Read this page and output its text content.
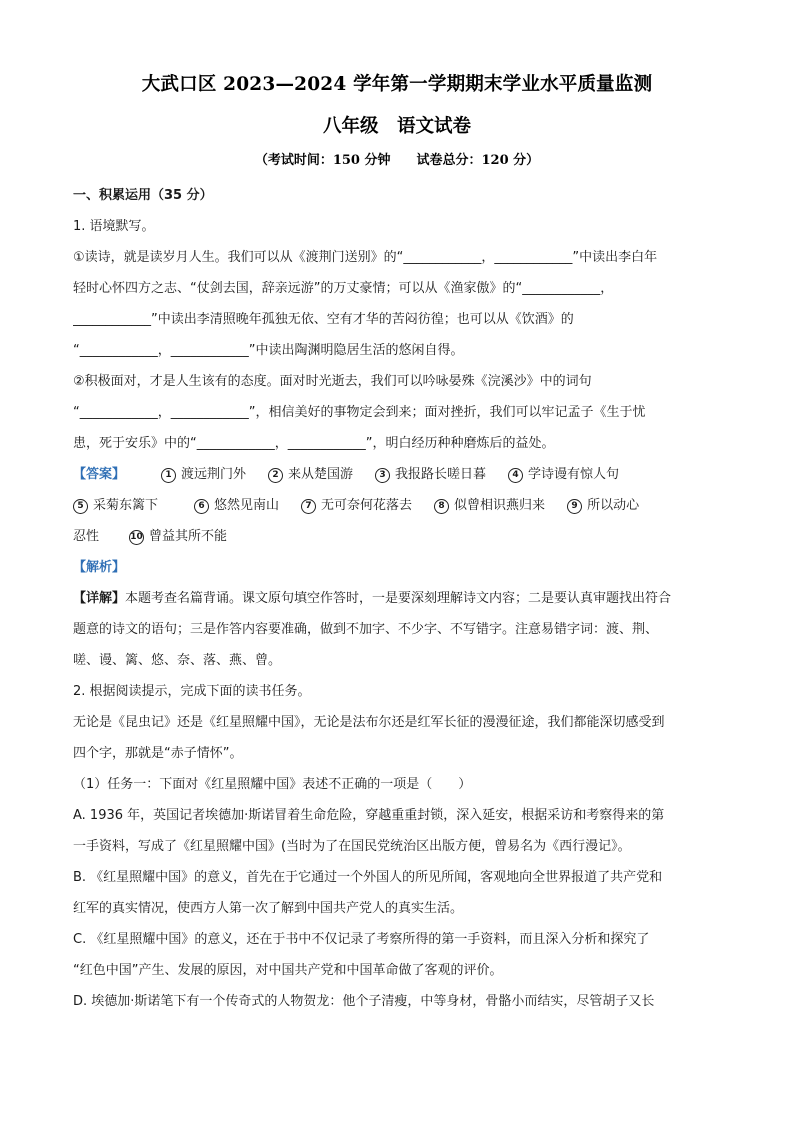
大武口区 2023—2024 学年第一学期期末学业水平质量监测
八年级　语文试卷
（考试时间：150 分钟　　试卷总分：120 分）
一、积累运用（35 分）
1. 语境默写。
①读诗，就是读岁月人生。我们可以从《渡荆门送别》的“____________，____________”中读出李白年
轻时心怀四方之志、“仗剑去国，辞亲远游”的万丈豪情；可以从《渔家傲》的“____________，
____________”中读出李清照晚年孤独无依、空有才华的苦闷彷徨；也可以从《饮酒》的
“____________，____________”中读出陶渊明隐居生活的悠闲自得。
②积极面对，才是人生该有的态度。面对时光逝去，我们可以吟咏晏殊《浣溪沙》中的词句
“____________，____________”，相信美好的事物定会到来；面对挫折，我们可以牢记孟子《生于忧
患，死于安乐》中的“____________，____________”，明白经历种种磨炼后的益处。
【答案】	1 渡远荆门外	2 来从楚国游	3 我报路长嗟日暮	4 学诗谩有惊人句
5 采菊东篱下	6 悠然见南山	7 无可奈何花落去	8 似曾相识燕归来	9 所以动心
忍性	10 曾益其所不能
【解析】
【详解】本题考查名篇背诵。课文原句填空作答时，一是要深刻理解诗文内容；二是要认真审题找出符合
题意的诗文的语句；三是作答内容要准确，做到不加字、不少字、不写错字。注意易错字词：渡、荆、
嗟、谩、篱、悠、奈、落、燕、曾。
2. 根据阅读提示，完成下面的读书任务。
无论是《昆虫记》还是《红星照耀中国》，无论是法布尔还是红军长征的漫漫征途，我们都能深切感受到
四个字，那就是“赤子情怀”。
（1）任务一：下面对《红星照耀中国》表述不正确的一项是（　　）
A. 1936 年，英国记者埃德加·斯诺冒着生命危险，穿越重重封锁，深入延安，根据采访和考察得来的第
一手资料，写成了《红星照耀中国》(当时为了在国民党统治区出版方便，曾易名为《西行漫记》。
B. 《红星照耀中国》的意义，首先在于它通过一个外国人的所见所闻，客观地向全世界报道了共产党和
红军的真实情况，使西方人第一次了解到中国共产党人的真实生活。
C. 《红星照耀中国》的意义，还在于书中不仅记录了考察所得的第一手资料，而且深入分析和探究了
“红色中国”产生、发展的原因，对中国共产党和中国革命做了客观的评价。
D. 埃德加·斯诺笔下有一个传奇式的人物贺龙：他个子清瘦，中等身材，骨骼小而结实，尽管胡子又长
